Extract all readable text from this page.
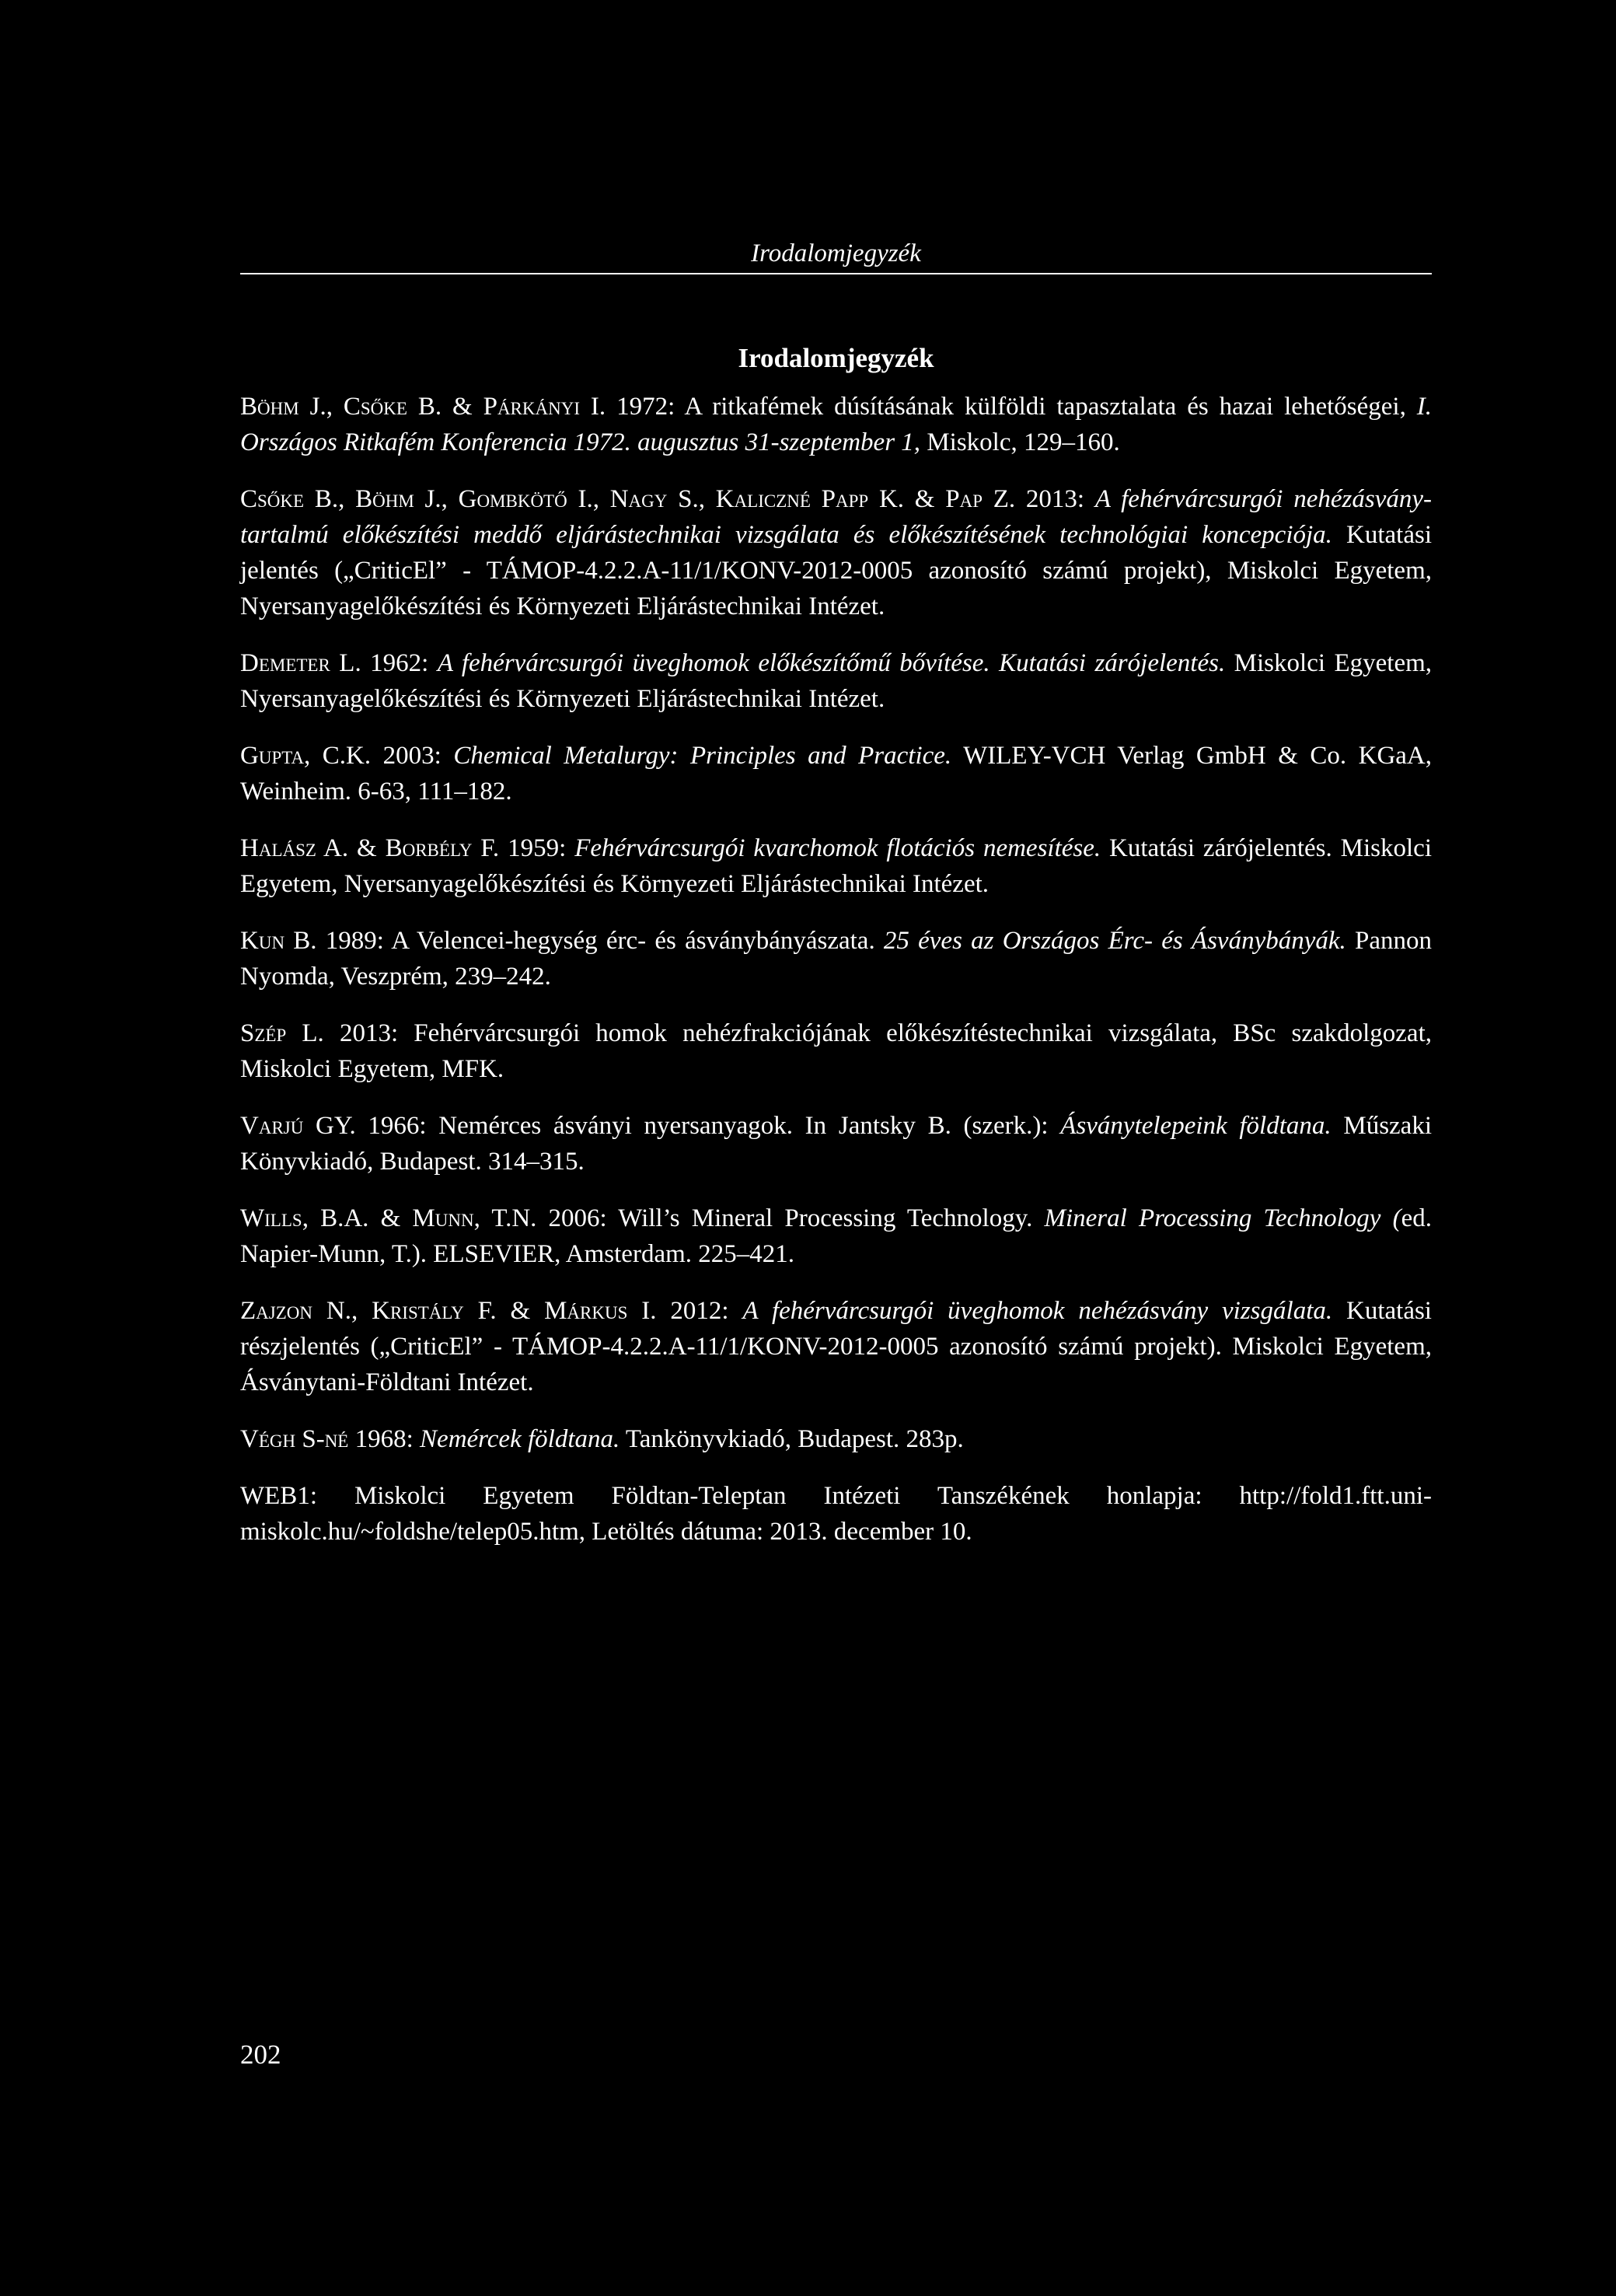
Irodalomjegyzék
Irodalomjegyzék

Böhm J., Csőke B. & Párkányi I. 1972: A ritkafémek dúsításának külföldi tapasztalata és hazai lehetőségei, I. Országos Ritkafém Konferencia 1972. augusztus 31-szeptember 1, Miskolc, 129–160.

Csőke B., Böhm J., Gombkötő I., Nagy S., Kaliczné Papp K. & Pap Z. 2013: A fehérvárcsurgói nehézásvány-tartalmú előkészítési meddő eljárástechnikai vizsgálata és előkészítésének technológiai koncepciója. Kutatási jelentés („CriticEl” - TÁMOP-4.2.2.A-11/1/KONV-2012-0005 azonosító számú projekt), Miskolci Egyetem, Nyersanyagelőkészítési és Környezeti Eljárástechnikai Intézet.

Demeter L. 1962: A fehérvárcsurgói üveghomok előkészítőmű bővítése. Kutatási zárójelentés. Miskolci Egyetem, Nyersanyagelőkészítési és Környezeti Eljárástechnikai Intézet.

Gupta, C.K. 2003: Chemical Metalurgy: Principles and Practice. WILEY-VCH Verlag GmbH & Co. KGaA, Weinheim. 6-63, 111–182.

Halász A. & Borbély F. 1959: Fehérvárcsurgói kvarchomok flotációs nemesítése. Kutatási zárójelentés. Miskolci Egyetem, Nyersanyagelőkészítési és Környezeti Eljárástechnikai Intézet.

Kun B. 1989: A Velencei-hegység érc- és ásványbányászata. 25 éves az Országos Érc- és Ásványbányák. Pannon Nyomda, Veszprém, 239–242.

Szép L. 2013: Fehérvárcsurgói homok nehézfrakciójának előkészítéstechnikai vizsgálata, BSc szakdolgozat, Miskolci Egyetem, MFK.

Varjú GY. 1966: Nemérces ásványi nyersanyagok. In Jantsky B. (szerk.): Ásványtelepeink földtana. Műszaki Könyvkiadó, Budapest. 314–315.

Wills, B.A. & Munn, T.N. 2006: Will’s Mineral Processing Technology. Mineral Processing Technology (ed. Napier-Munn, T.). ELSEVIER, Amsterdam. 225–421.

Zajzon N., Kristály F. & Márkus I. 2012: A fehérvárcsurgói üveghomok nehézásvány vizsgálata. Kutatási részjelentés („CriticEl” - TÁMOP-4.2.2.A-11/1/KONV-2012-0005 azonosító számú projekt). Miskolci Egyetem, Ásványtani-Földtani Intézet.

Végh S-né 1968: Nemércek földtana. Tankönyvkiadó, Budapest. 283p.

WEB1: Miskolci Egyetem Földtan-Teleptan Intézeti Tanszékének honlapja: http://fold1.ftt.uni-miskolc.hu/~foldshe/telep05.htm, Letöltés dátuma: 2013. december 10.

202
